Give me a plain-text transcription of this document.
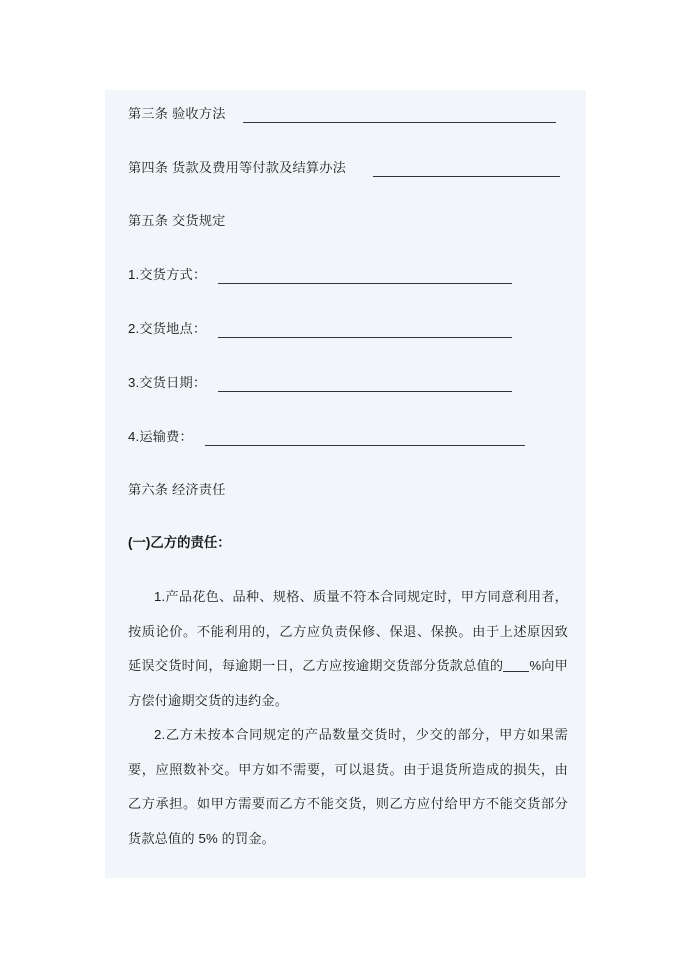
第三条 验收方法
第四条 货款及费用等付款及结算办法
第五条 交货规定
1.交货方式：
2.交货地点：
3.交货日期：
4.运输费：
第六条 经济责任
(一)乙方的责任：
1.产品花色、品种、规格、质量不符本合同规定时，甲方同意利用者，按质论价。不能利用的，乙方应负责保修、保退、保换。由于上述原因致延误交货时间，每逾期一日，乙方应按逾期交货部分货款总值的 %向甲方偿付逾期交货的违约金。
2.乙方未按本合同规定的产品数量交货时，少交的部分，甲方如果需要，应照数补交。甲方如不需要，可以退货。由于退货所造成的损失，由乙方承担。如甲方需要而乙方不能交货，则乙方应付给甲方不能交货部分货款总值的 5% 的罚金。
